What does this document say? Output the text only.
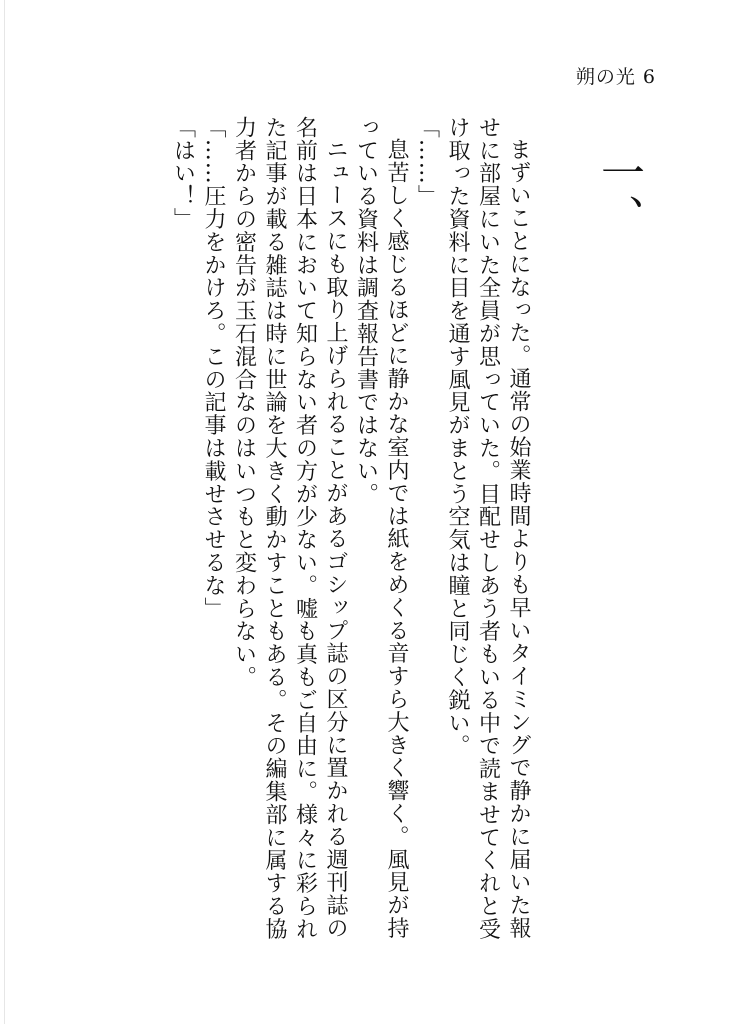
朔の光 6
一、

まずいことになった。通常の始業時間よりも早いタイミングで静かに届いた報せに部屋にいた全員が思っていた。目配せしあう者もいる中で読ませてくれと受け取った資料に目を通す風見がまとう空気は瞳と同じく鋭い。

「……」

息苦しく感じるほどに静かな室内では紙をめくる音すら大きく響く。風見が持っている資料は調査報告書ではない。

ニュースにも取り上げられることがあるゴシップ誌の区分に置かれる週刊誌の名前は日本において知らない者の方が少ない。嘘も真もご自由に。様々に彩られた記事が載る雑誌は時に世論を大きく動かすこともある。その編集部に属する協力者からの密告が玉石混合なのはいつもと変わらない。

「……圧力をかけろ。この記事は載せさせるな」

「はい！」
